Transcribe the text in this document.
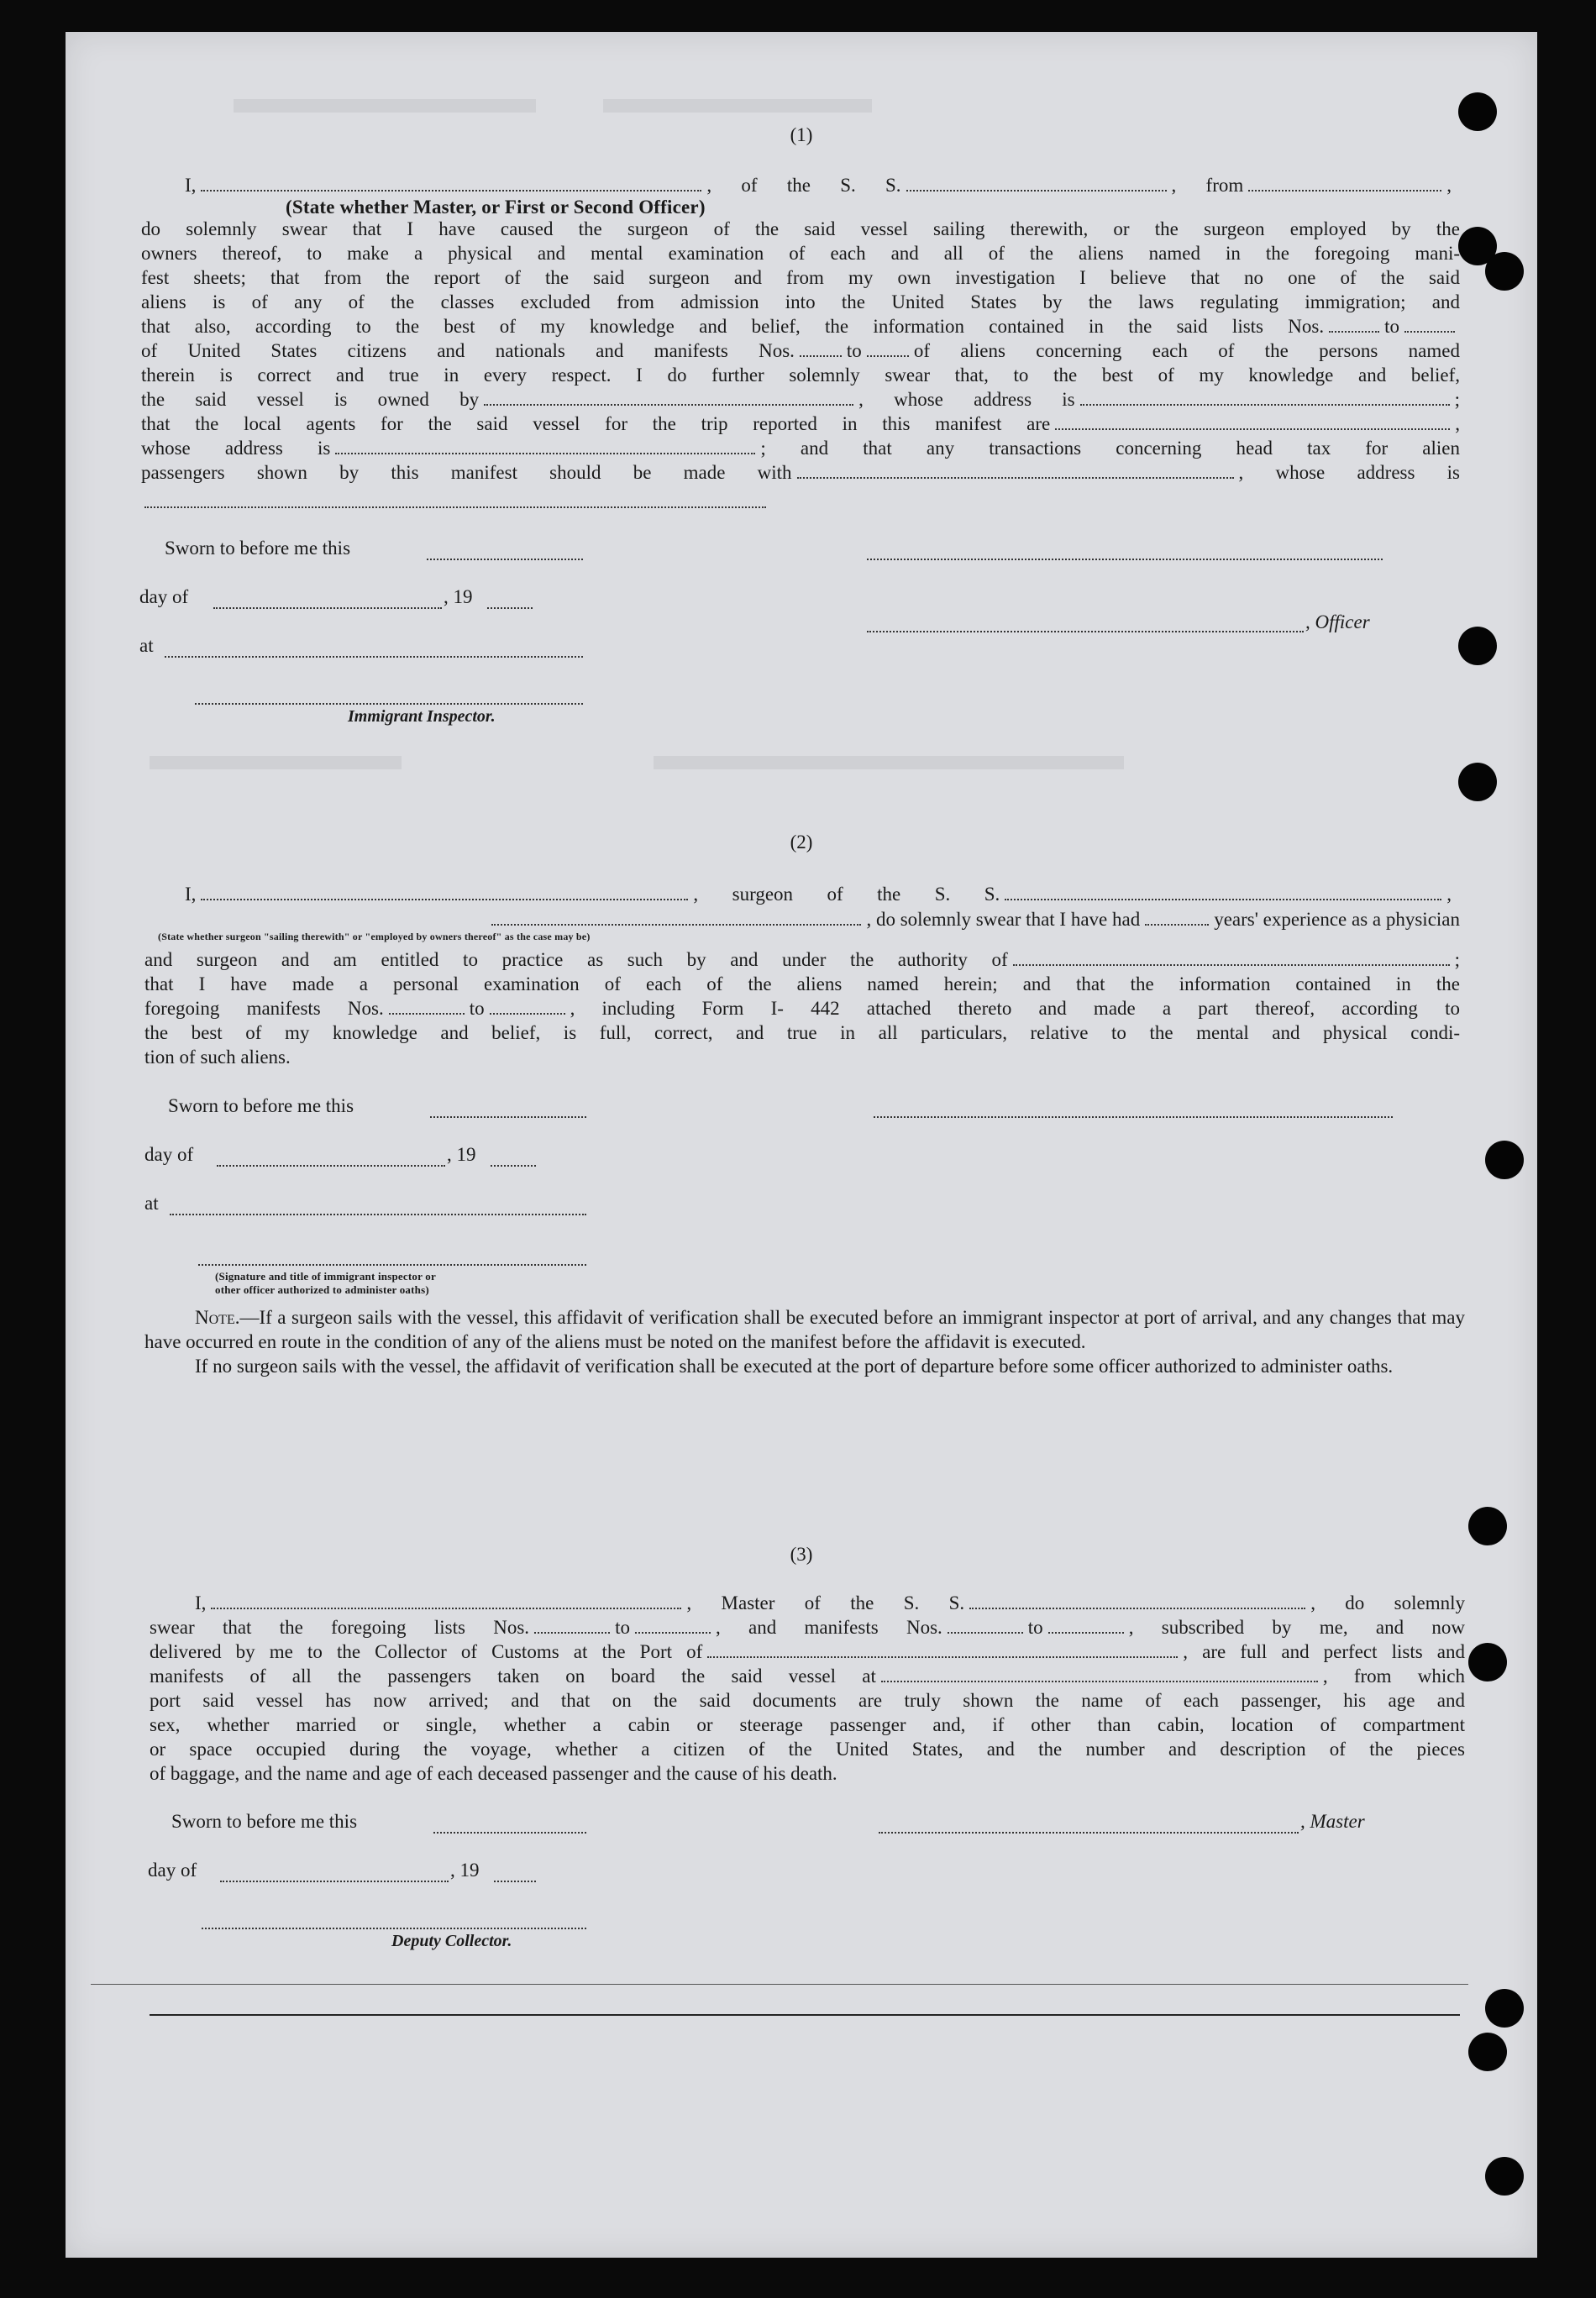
(1)
I,	, of the S. S.	, from	,
(State whether Master, or First or Second Officer)
do solemnly swear that I have caused the surgeon of the said vessel sailing therewith, or the surgeon employed by the
owners thereof, to make a physical and mental examination of each and all of the aliens named in the foregoing mani-
fest sheets; that from the report of the said surgeon and from my own investigation I believe that no one of the said
aliens is of any of the classes excluded from admission into the United States by the laws regulating immigration; and
that also, according to the best of my knowledge and belief, the information contained in the said lists Nos.	to
of United States citizens and nationals and manifests Nos.	to	of aliens concerning each of the persons named
therein is correct and true in every respect. I do further solemnly swear that, to the best of my knowledge and belief,
the said vessel is owned by	, whose address is	;
that the local agents for the said vessel for the trip reported in this manifest are	,
whose address is	; and that any transactions concerning head tax for alien
passengers shown by this manifest should be made with	, whose address is
Sworn to before me this
day of	, 19
, Officer
at
Immigrant Inspector.
(2)
I,	, surgeon of the S. S.	,
, do solemnly swear that I have had	years' experience as a physician
(State whether surgeon "sailing therewith" or "employed by owners thereof" as the case may be)
and surgeon and am entitled to practice as such by and under the authority of	;
that I have made a personal examination of each of the aliens named herein; and that the information contained in the
foregoing manifests Nos.	to	, including Form I- 442 attached thereto and made a part thereof, according to
the best of my knowledge and belief, is full, correct, and true in all particulars, relative to the mental and physical condi-
tion of such aliens.
Sworn to before me this
day of	, 19
at
(Signature and title of immigrant inspector or
other officer authorized to administer oaths)

Note.—If a surgeon sails with the vessel, this affidavit of verification shall be executed before an immigrant inspector at port of arrival, and any changes that may have occurred en route in the condition of any of the aliens must be noted on the manifest before the affidavit is executed.

If no surgeon sails with the vessel, the affidavit of verification shall be executed at the port of departure before some officer authorized to administer oaths.

(3)
I,	, Master of the S. S.	, do solemnly
swear that the foregoing lists Nos.	to	, and manifests Nos.	to	, subscribed by me, and now
delivered by me to the Collector of Customs at the Port of	, are full and perfect lists and
manifests of all the passengers taken on board the said vessel at	, from which
port said vessel has now arrived; and that on the said documents are truly shown the name of each passenger, his age and
sex, whether married or single, whether a cabin or steerage passenger and, if other than cabin, location of compartment
or space occupied during the voyage, whether a citizen of the United States, and the number and description of the pieces
of baggage, and the name and age of each deceased passenger and the cause of his death.
Sworn to before me this	, Master
day of	, 19
Deputy Collector.
